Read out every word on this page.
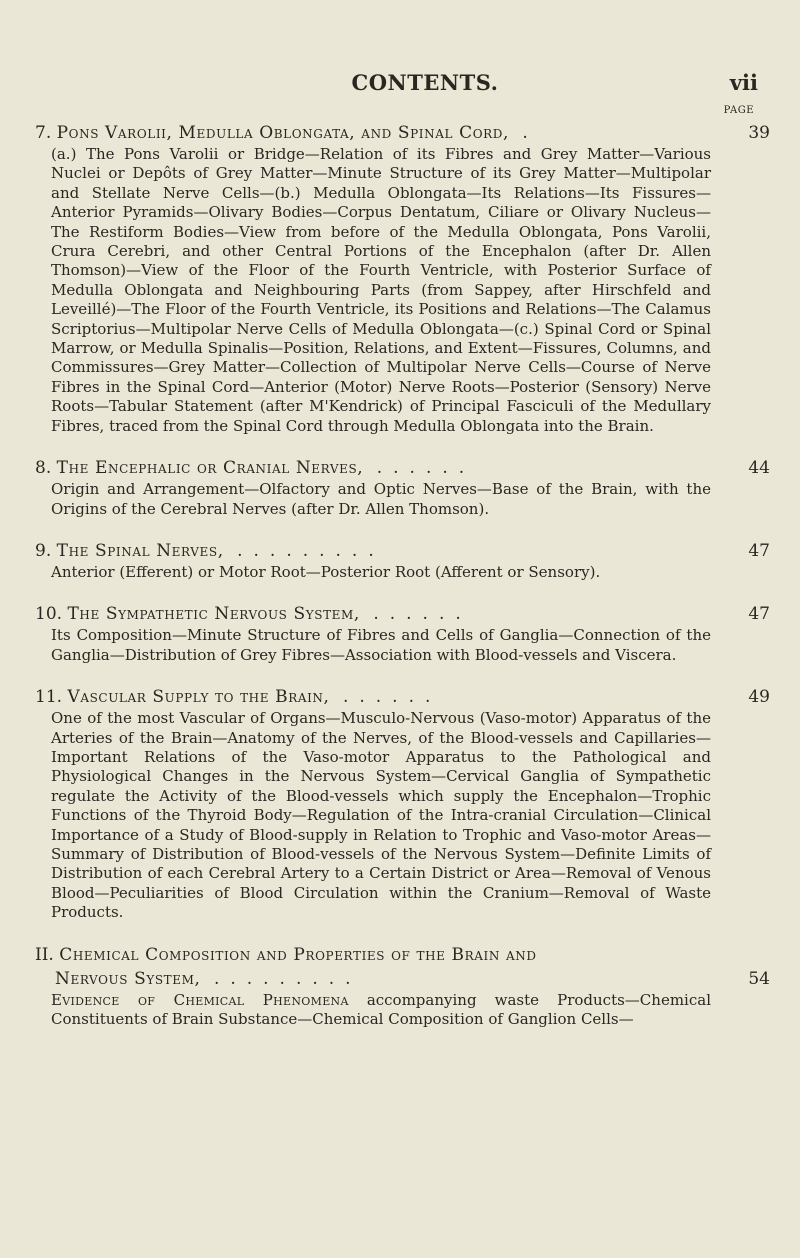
CONTENTS.	vii
PAGE
7. Pons Varolii, Medulla Oblongata, and Spinal Cord, .	39
(a.) The Pons Varolii or Bridge—Relation of its Fibres and Grey Matter—Various Nuclei or Depôts of Grey Matter—Minute Structure of its Grey Matter—Multipolar and Stellate Nerve Cells—(b.) Medulla Oblongata—Its Relations—Its Fissures—Anterior Pyramids—Olivary Bodies—Corpus Dentatum, Ciliare or Olivary Nucleus—The Restiform Bodies—View from before of the Medulla Oblongata, Pons Varolii, Crura Cerebri, and other Central Portions of the Encephalon (after Dr. Allen Thomson)—View of the Floor of the Fourth Ventricle, with Posterior Surface of Medulla Oblongata and Neighbouring Parts (from Sappey, after Hirschfeld and Leveillé)—The Floor of the Fourth Ventricle, its Positions and Relations—The Calamus Scriptorius—Multipolar Nerve Cells of Medulla Oblongata—(c.) Spinal Cord or Spinal Marrow, or Medulla Spinalis—Position, Relations, and Extent—Fissures, Columns, and Commissures—Grey Matter—Collection of Multipolar Nerve Cells—Course of Nerve Fibres in the Spinal Cord—Anterior (Motor) Nerve Roots—Posterior (Sensory) Nerve Roots—Tabular Statement (after M'Kendrick) of Principal Fasciculi of the Medullary Fibres, traced from the Spinal Cord through Medulla Oblongata into the Brain.
8. The Encephalic or Cranial Nerves, ......	44
Origin and Arrangement—Olfactory and Optic Nerves—Base of the Brain, with the Origins of the Cerebral Nerves (after Dr. Allen Thomson).
9. The Spinal Nerves, .........	47
Anterior (Efferent) or Motor Root—Posterior Root (Afferent or Sensory).
10. The Sympathetic Nervous System, ......	47
Its Composition—Minute Structure of Fibres and Cells of Ganglia—Connection of the Ganglia—Distribution of Grey Fibres—Association with Blood-vessels and Viscera.
11. Vascular Supply to the Brain, ......	49
One of the most Vascular of Organs—Musculo-Nervous (Vaso-motor) Apparatus of the Arteries of the Brain—Anatomy of the Nerves, of the Blood-vessels and Capillaries—Important Relations of the Vaso-motor Apparatus to the Pathological and Physiological Changes in the Nervous System—Cervical Ganglia of Sympathetic regulate the Activity of the Blood-vessels which supply the Encephalon—Trophic Functions of the Thyroid Body—Regulation of the Intra-cranial Circulation—Clinical Importance of a Study of Blood-supply in Relation to Trophic and Vaso-motor Areas—Summary of Distribution of Blood-vessels of the Nervous System—Definite Limits of Distribution of each Cerebral Artery to a Certain District or Area—Removal of Venous Blood—Peculiarities of Blood Circulation within the Cranium—Removal of Waste Products.
II. Chemical Composition and Properties of the Brain and
Nervous System, .........	54
Evidence of Chemical Phenomena accompanying waste Products—Chemical Constituents of Brain Substance—Chemical Composition of Ganglion Cells—
